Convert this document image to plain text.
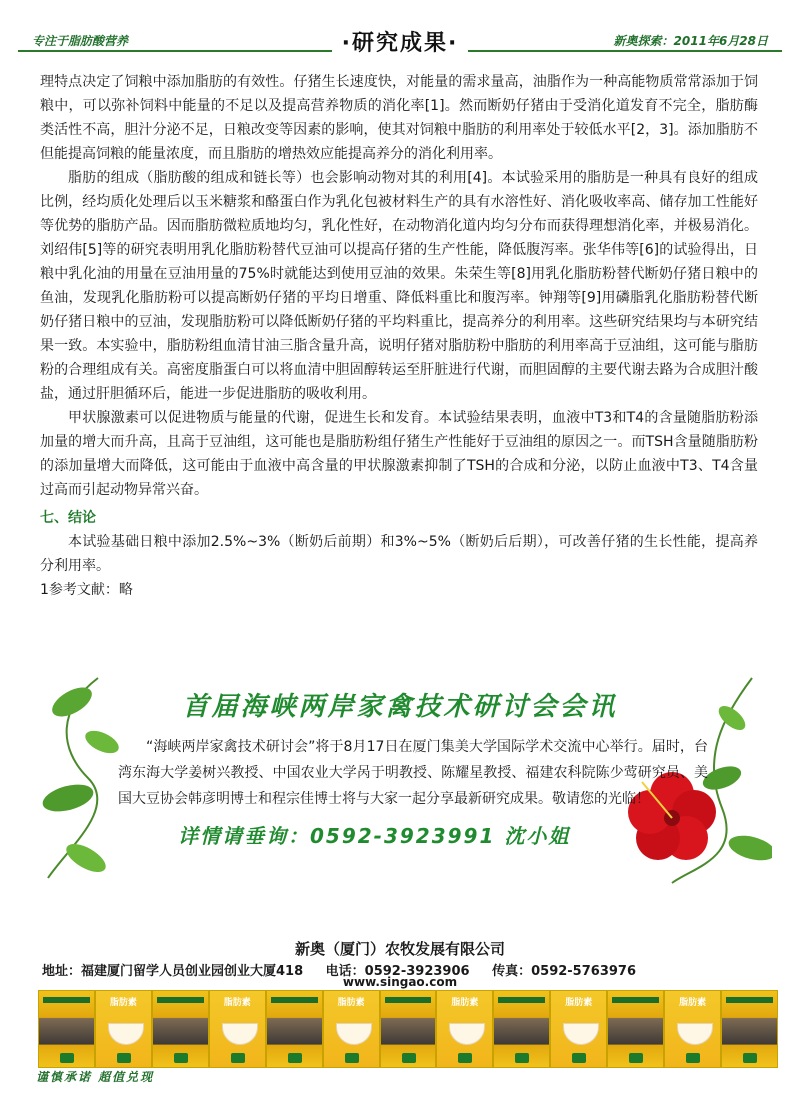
专注于脂肪酸营养	·研究成果·	新奥探索：2011年6月28日

理特点决定了饲粮中添加脂肪的有效性。仔猪生长速度快，对能量的需求量高，油脂作为一种高能物质常常添加于饲粮中，可以弥补饲料中能量的不足以及提高营养物质的消化率[1]。然而断奶仔猪由于受消化道发育不完全，脂肪酶类活性不高，胆汁分泌不足，日粮改变等因素的影响，使其对饲粮中脂肪的利用率处于较低水平[2，3]。添加脂肪不但能提高饲粮的能量浓度，而且脂肪的增热效应能提高养分的消化利用率。

脂肪的组成（脂肪酸的组成和链长等）也会影响动物对其的利用[4]。本试验采用的脂肪是一种具有良好的组成比例，经均质化处理后以玉米糖浆和酪蛋白作为乳化包被材料生产的具有水溶性好、消化吸收率高、储存加工性能好等优势的脂肪产品。因而脂肪微粒质地均匀，乳化性好，在动物消化道内均匀分布而获得理想消化率，并极易消化。刘绍伟[5]等的研究表明用乳化脂肪粉替代豆油可以提高仔猪的生产性能，降低腹泻率。张华伟等[6]的试验得出，日粮中乳化油的用量在豆油用量的75%时就能达到使用豆油的效果。朱荣生等[8]用乳化脂肪粉替代断奶仔猪日粮中的鱼油，发现乳化脂肪粉可以提高断奶仔猪的平均日增重、降低料重比和腹泻率。钟翔等[9]用磷脂乳化脂肪粉替代断奶仔猪日粮中的豆油，发现脂肪粉可以降低断奶仔猪的平均料重比，提高养分的利用率。这些研究结果均与本研究结果一致。本实验中，脂肪粉组血清甘油三脂含量升高，说明仔猪对脂肪粉中脂肪的利用率高于豆油组，这可能与脂肪粉的合理组成有关。高密度脂蛋白可以将血清中胆固醇转运至肝脏进行代谢，而胆固醇的主要代谢去路为合成胆汁酸盐，通过肝胆循环后，能进一步促进脂肪的吸收利用。

甲状腺激素可以促进物质与能量的代谢，促进生长和发育。本试验结果表明，血液中T3和T4的含量随脂肪粉添加量的增大而升高，且高于豆油组，这可能也是脂肪粉组仔猪生产性能好于豆油组的原因之一。而TSH含量随脂肪粉的添加量增大而降低，这可能由于血液中高含量的甲状腺激素抑制了TSH的合成和分泌，以防止血液中T3、T4含量过高而引起动物异常兴奋。

七、结论

本试验基础日粮中添加2.5%~3%（断奶后前期）和3%~5%（断奶后后期），可改善仔猪的生长性能，提高养分利用率。

1参考文献：略

首届海峡两岸家禽技术研讨会会讯
“海峡两岸家禽技术研讨会”将于8月17日在厦门集美大学国际学术交流中心举行。届时，台湾东海大学姜树兴教授、中国农业大学呙于明教授、陈耀星教授、福建农科院陈少莺研究员、美国大豆协会韩彦明博士和程宗佳博士将与大家一起分享最新研究成果。敬请您的光临！
详情请垂询：0592-3923991 沈小姐
新奥（厦门）农牧发展有限公司
地址：福建厦门留学人员创业园创业大厦418 电话：0592-3923906 传真：0592-5763976
www.singao.com
脂肪素	脂肪素	脂肪素	脂肪素	脂肪素	脂肪素
谨慎承诺 超值兑现
